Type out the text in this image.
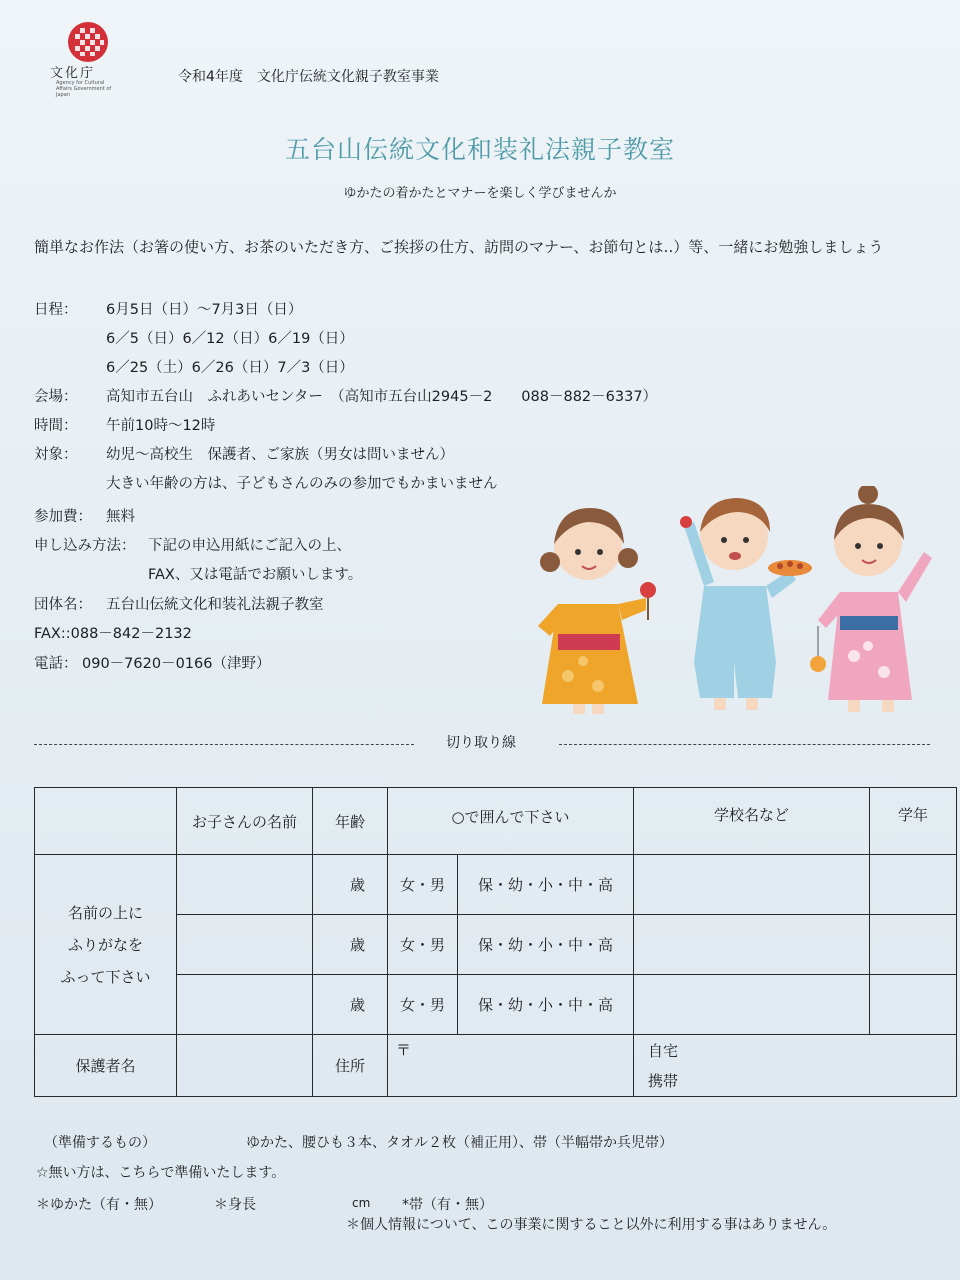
文化庁
Agency for Cultural Affairs Government of Japan
令和4年度　文化庁伝統文化親子教室事業
五台山伝統文化和装礼法親子教室
ゆかたの着かたとマナーを楽しく学びませんか
簡単なお作法（お箸の使い方、お茶のいただき方、ご挨拶の仕方、訪問のマナー、お節句とは‥）等、一緒にお勉強しましょう
日程： 6月5日（日）〜7月3日（日）
6／5（日）6／12（日）6／19（日）
6／25（土）6／26（日）7／3（日）
会場： 高知市五台山　ふれあいセンター　（高知市五台山2945－2　　088－882－6337）
時間： 午前10時〜12時
対象： 幼児〜高校生　保護者、ご家族（男女は問いません）
大きい年齢の方は、子どもさんのみの参加でもかまいません
参加費： 無料
申し込み方法： 下記の申込用紙にご記入の上、
FAX、又は電話でお願いします。
団体名： 五台山伝統文化和装礼法親子教室
FAX::088－842－2132
電話： 090－7620－0166（津野）
切り取り線
	お子さんの名前	年齢	○で囲んで下さい		学校名など	学年

名前の上に
ふりがなを
ふって下さい		歳	女・男	保・幼・小・中・高		
		歳	女・男	保・幼・小・中・高		
		歳	女・男	保・幼・小・中・高		
保護者名		住所	〒		自宅
携帯	
（準備するもの）	ゆかた、腰ひも３本、タオル２枚（補正用）、帯（半幅帯か兵児帯）
☆無い方は、こちらで準備いたします。
＊ゆかた（有・無）	＊身長	cm *帯（有・無）
＊個人情報について、この事業に関すること以外に利用する事はありません。
